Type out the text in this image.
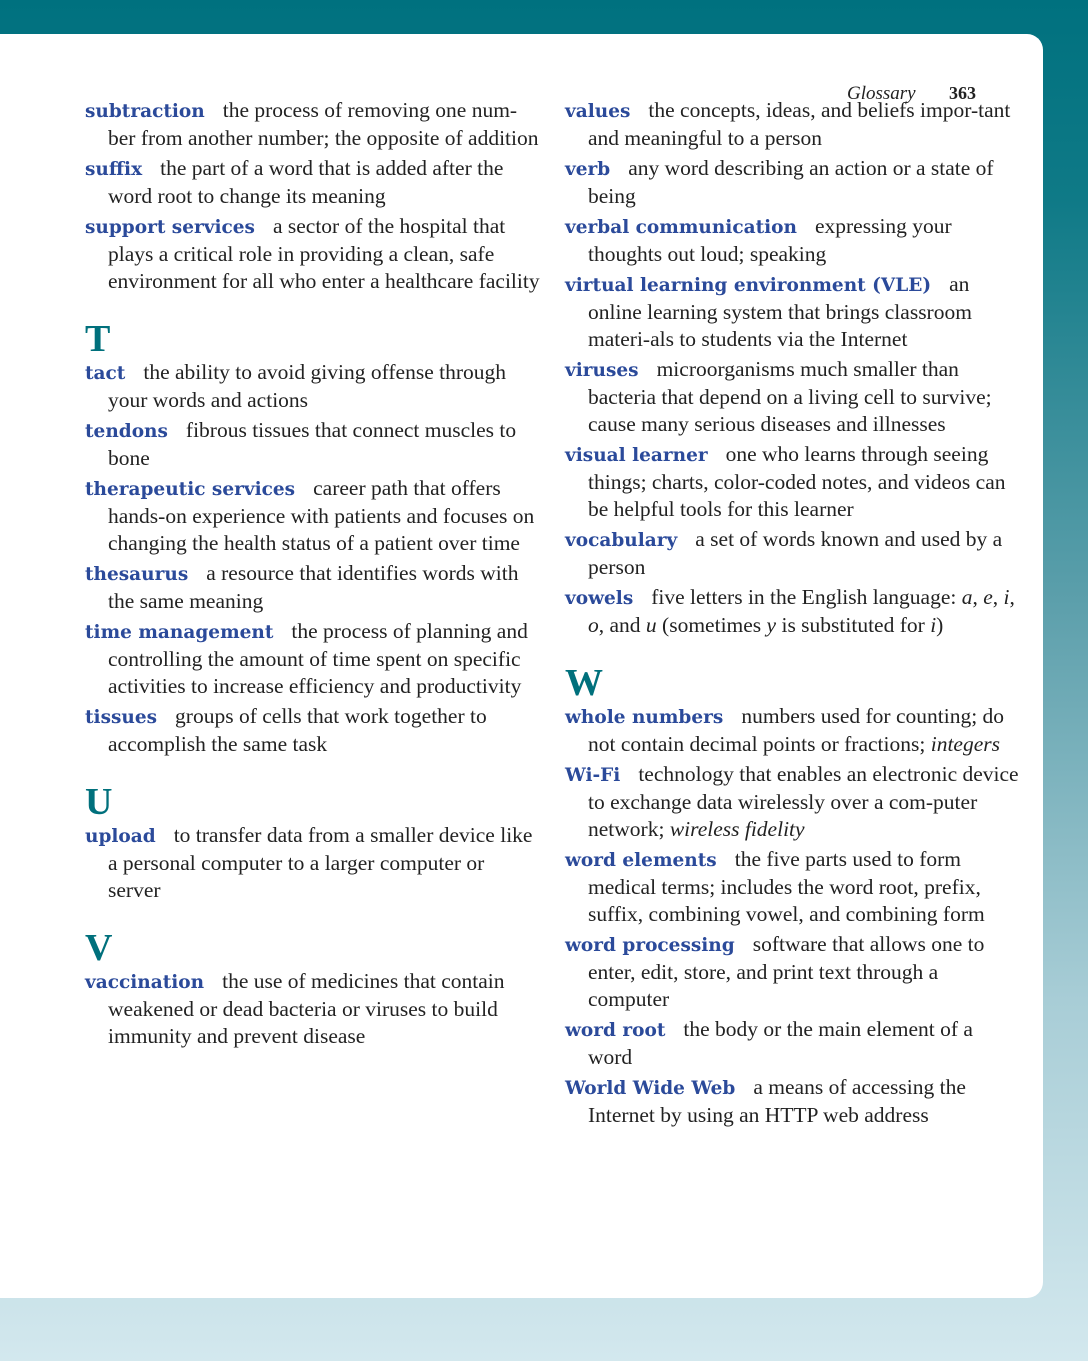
Glossary 363
subtraction the process of removing one num-ber from another number; the opposite of addition
suffix the part of a word that is added after the word root to change its meaning
support services a sector of the hospital that plays a critical role in providing a clean, safe environment for all who enter a healthcare facility
T
tact the ability to avoid giving offense through your words and actions
tendons fibrous tissues that connect muscles to bone
therapeutic services career path that offers hands-on experience with patients and focuses on changing the health status of a patient over time
thesaurus a resource that identifies words with the same meaning
time management the process of planning and controlling the amount of time spent on specific activities to increase efficiency and productivity
tissues groups of cells that work together to accomplish the same task
U
upload to transfer data from a smaller device like a personal computer to a larger computer or server
V
vaccination the use of medicines that contain weakened or dead bacteria or viruses to build immunity and prevent disease
values the concepts, ideas, and beliefs impor-tant and meaningful to a person
verb any word describing an action or a state of being
verbal communication expressing your thoughts out loud; speaking
virtual learning environment (VLE) an online learning system that brings classroom materi-als to students via the Internet
viruses microorganisms much smaller than bacteria that depend on a living cell to survive; cause many serious diseases and illnesses
visual learner one who learns through seeing things; charts, color-coded notes, and videos can be helpful tools for this learner
vocabulary a set of words known and used by a person
vowels five letters in the English language: a, e, i, o, and u (sometimes y is substituted for i)
W
whole numbers numbers used for counting; do not contain decimal points or fractions; integers
Wi-Fi technology that enables an electronic device to exchange data wirelessly over a com-puter network; wireless fidelity
word elements the five parts used to form medical terms; includes the word root, prefix, suffix, combining vowel, and combining form
word processing software that allows one to enter, edit, store, and print text through a computer
word root the body or the main element of a word
World Wide Web a means of accessing the Internet by using an HTTP web address
